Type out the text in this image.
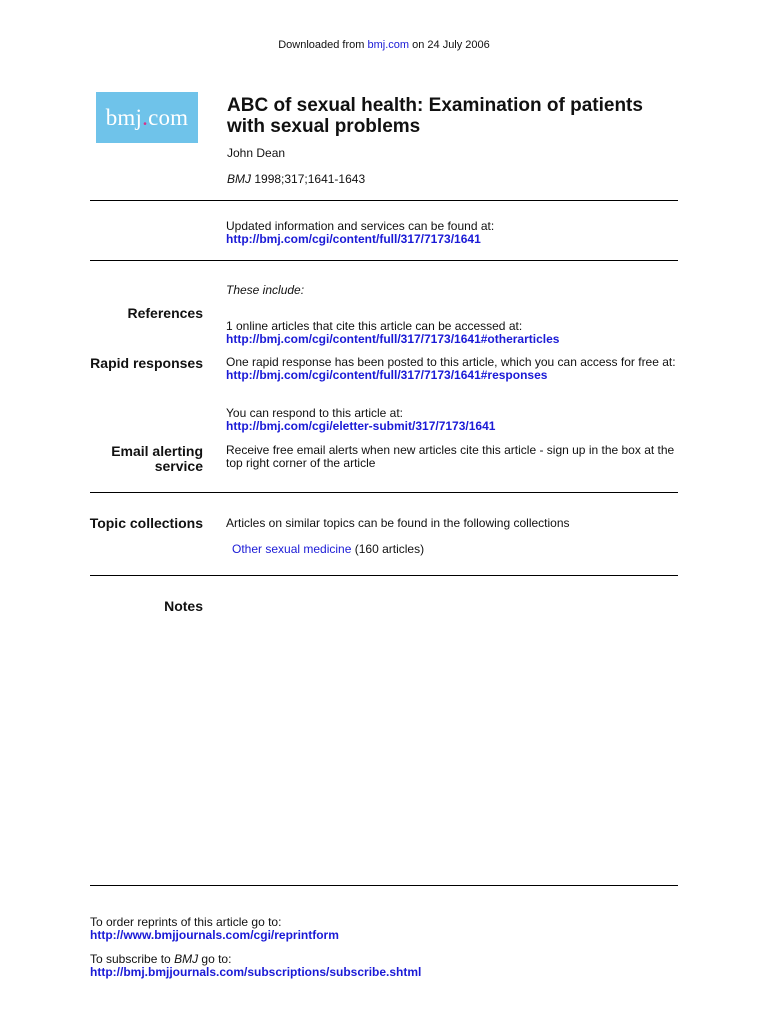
Downloaded from bmj.com on 24 July 2006
bmj . com ABC of sexual health: Examination of patients with sexual problems
John Dean
BMJ 1998;317;1641-1643
Updated information and services can be found at:
http://bmj.com/cgi/content/full/317/7173/1641
These include:
References
1 online articles that cite this article can be accessed at:
http://bmj.com/cgi/content/full/317/7173/1641#otherarticles
Rapid responses One rapid response has been posted to this article, which you can access for free at:
http://bmj.com/cgi/content/full/317/7173/1641#responses
You can respond to this article at:
http://bmj.com/cgi/eletter-submit/317/7173/1641
Email alerting
service
Receive free email alerts when new articles cite this article - sign up in the box at the top right corner of the article
Topic collections Articles on similar topics can be found in the following collections
Other sexual medicine (160 articles)
Notes
To order reprints of this article go to:
http://www.bmjjournals.com/cgi/reprintform
To subscribe to BMJ go to:
http://bmj.bmjjournals.com/subscriptions/subscribe.shtml
